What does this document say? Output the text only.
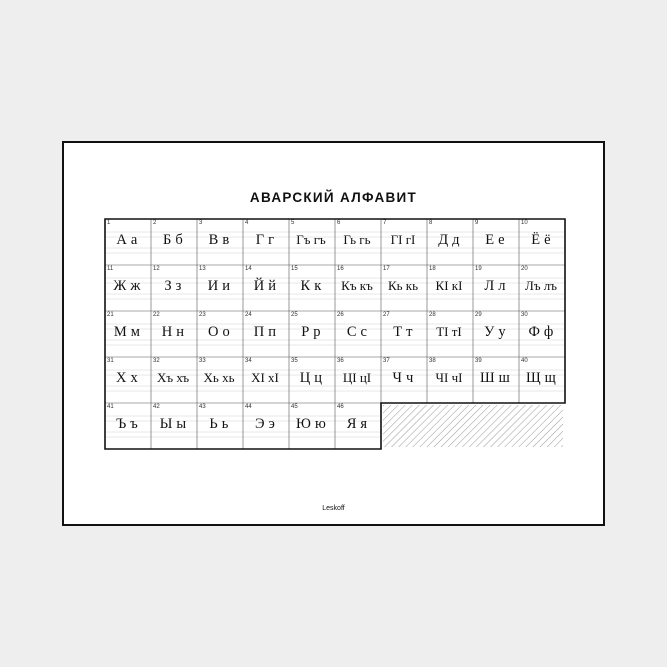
АВАРСКИЙ АЛФАВИТ
1
А а
2
Б б
3
В в
4
Г г
5
Гъ гъ
6
Гь гь
7
ГӀ гӀ
8
Д д
9
Е е
10
Ё ё
11
Ж ж
12
З з
13
И и
14
Й й
15
К к
16
Къ къ
17
Кь кь
18
КӀ кӀ
19
Л л
20
Лъ лъ
21
М м
22
Н н
23
О о
24
П п
25
Р р
26
С с
27
Т т
28
ТӀ тӀ
29
У у
30
Ф ф
31
Х х
32
Хъ хъ
33
Хь хь
34
ХӀ хӀ
35
Ц ц
36
ЦӀ цӀ
37
Ч ч
38
ЧӀ чӀ
39
Ш ш
40
Щ щ
41
Ъ ъ
42
Ы ы
43
Ь ь
44
Э э
45
Ю ю
46
Я я
Leskoff
